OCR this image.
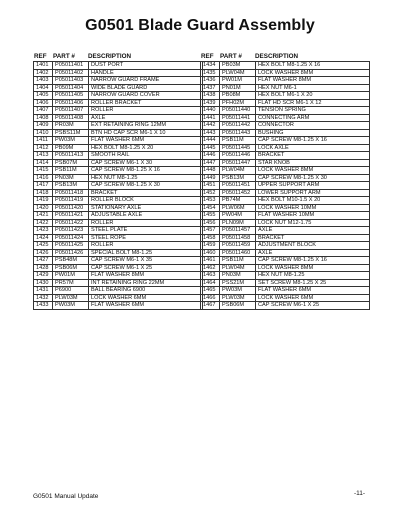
G0501 Blade Guard Assembly
REF	PART #	DESCRIPTION
1401	P05011401	DUST PORT
1402	P05011402	HANDLE
1403	P05011403	NARROW GUARD FRAME
1404	P05011404	WIDE BLADE GUARD
1405	P05011405	NARROW GUARD COVER
1406	P05011406	ROLLER BRACKET
1407	P05011407	ROLLER
1408	P05011408	AXLE
1409	PR03M	EXT RETAINING RING 12MM
1410	PSBS11M	BTN HD CAP SCR M6-1 X 10
1411	PW03M	FLAT WASHER 6MM
1412	PB09M	HEX BOLT M8-1.25 X 20
1413	P05011413	SMOOTH RAIL
1414	PSB07M	CAP SCREW M6-1 X 30
1415	PSB11M	CAP SCREW M8-1.25 X 16
1416	PN03M	HEX NUT M8-1.25
1417	PSB13M	CAP SCREW M8-1.25 X 30
1418	P05011418	BRACKET
1419	P05011419	ROLLER BLOCK
1420	P05011420	STATIONARY AXLE
1421	P05011421	ADJUSTABLE AXLE
1422	P05011422	ROLLER
1423	P05011423	STEEL PLATE
1424	P05011424	STEEL ROPE
1425	P05011425	ROLLER
1426	P05011426	SPECIAL BOLT M8-1.25
1427	PSB48M	CAP SCREW M6-1 X 35
1428	PSB06M	CAP SCREW M6-1 X 25
1429	PW01M	FLAT WASHER 8MM
1430	PR57M	INT RETAINING RING 22MM
1431	P6900	BALL BEARING 6900
1432	PLW03M	LOCK WASHER 6MM
1433	PW03M	FLAT WASHER 6MM
REF	PART #	DESCRIPTION
1434	PB03M	HEX BOLT M8-1.25 X 16
1435	PLW04M	LOCK WASHER 8MM
1436	PW01M	FLAT WASHER 8MM
1437	PN01M	HEX NUT M6-1
1438	PB08M	HEX BOLT M6-1 X 20
1439	PFH02M	FLAT HD SCR M6-1 X 12
1440	P05011440	TENSION SPRING
1441	P05011441	CONNECTING ARM
1442	P05011442	CONNECTOR
1443	P05011443	BUSHING
1444	PSB11M	CAP SCREW M8-1.25 X 16
1445	P05011445	LOCK AXLE
1446	P05011446	BRACKET
1447	P05011447	STAR KNOB
1448	PLW04M	LOCK WASHER 8MM
1449	PSB13M	CAP SCREW M8-1.25 X 30
1451	P05011451	UPPER SUPPORT ARM
1452	P05011452	LOWER SUPPORT ARM
1453	PB74M	HEX BOLT M10-1.5 X 20
1454	PLW06M	LOCK WASHER 10MM
1455	PW04M	FLAT WASHER 10MM
1456	PLN09M	LOCK NUT M12-1.75
1457	P05011457	AXLE
1458	P05011458	BRACKET
1459	P05011459	ADJUSTMENT BLOCK
1460	P05011460	AXLE
1461	PSB11M	CAP SCREW M8-1.25 X 16
1462	PLW04M	LOCK WASHER 8MM
1463	PN03M	HEX NUT M8-1.25
1464	PSS21M	SET SCREW M8-1.25 X 25
1465	PW03M	FLAT WASHER 6MM
1466	PLW03M	LOCK WASHER 6MM
1467	PSB06M	CAP SCREW M6-1 X 25
G0501 Manual Update	-11-
